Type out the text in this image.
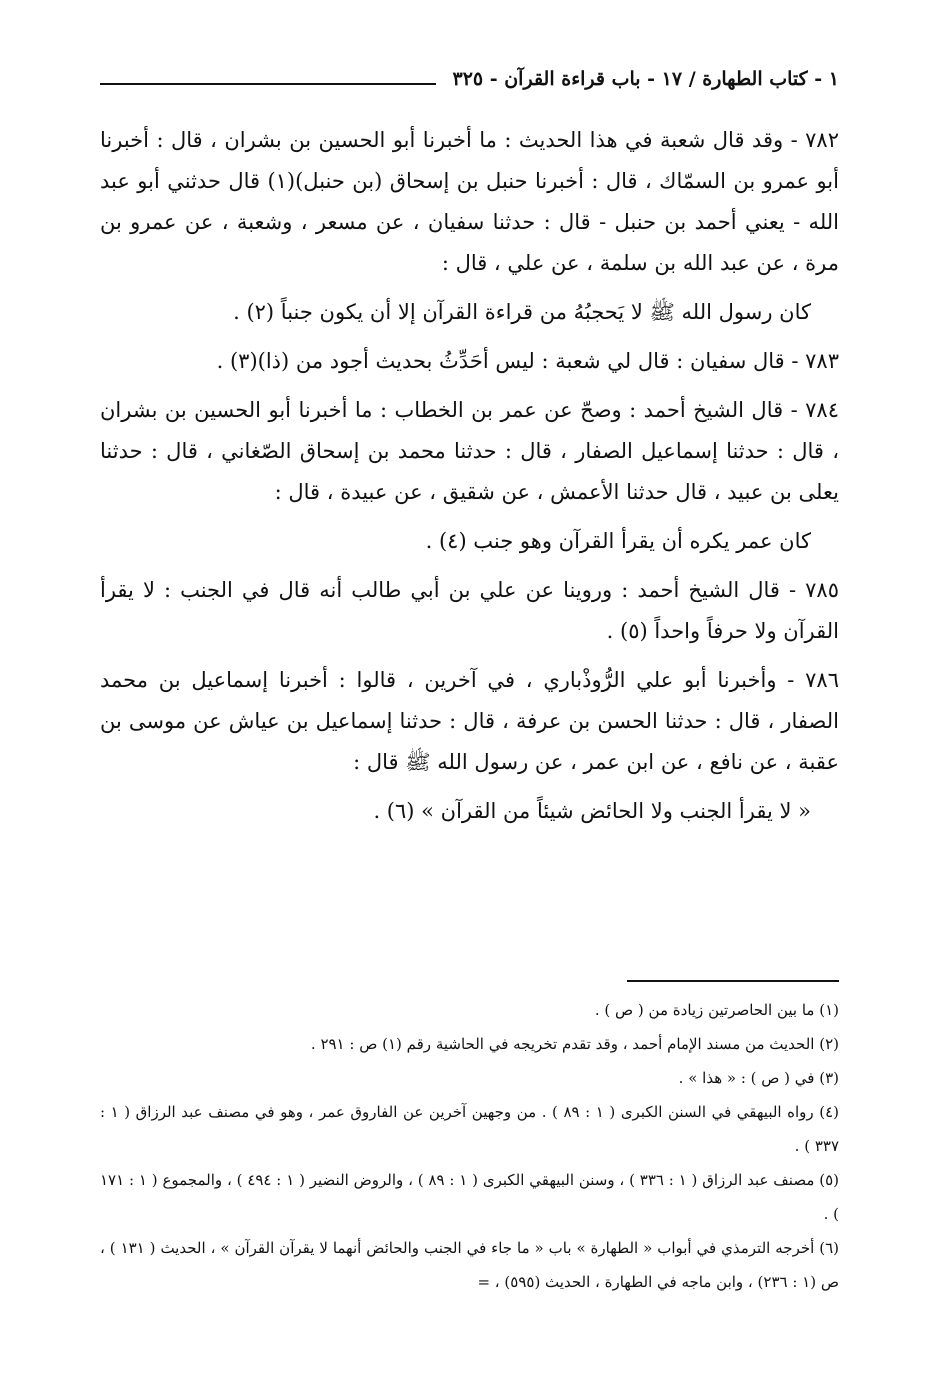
١ - كتاب الطهارة / ١٧ - باب قراءة القرآن - ٣٢٥

٧٨٢ - وقد قال شعبة في هذا الحديث : ما أخبرنا أبو الحسين بن بشران ، قال : أخبرنا أبو عمرو بن السمّاك ، قال : أخبرنا حنبل بن إسحاق (بن حنبل)(١) قال حدثني أبو عبد الله - يعني أحمد بن حنبل - قال : حدثنا سفيان ، عن مسعر ، وشعبة ، عن عمرو بن مرة ، عن عبد الله بن سلمة ، عن علي ، قال :

كان رسول الله ﷺ لا يَحجبُهُ من قراءة القرآن إلا أن يكون جنباً (٢) .

٧٨٣ - قال سفيان : قال لي شعبة : ليس أحَدِّثُ بحديث أجود من (ذا)(٣) .

٧٨٤ - قال الشيخ أحمد : وصحّ عن عمر بن الخطاب : ما أخبرنا أبو الحسين بن بشران ، قال : حدثنا إسماعيل الصفار ، قال : حدثنا محمد بن إسحاق الصّغاني ، قال : حدثنا يعلى بن عبيد ، قال حدثنا الأعمش ، عن شقيق ، عن عبيدة ، قال :

كان عمر يكره أن يقرأ القرآن وهو جنب (٤) .

٧٨٥ - قال الشيخ أحمد : وروينا عن علي بن أبي طالب أنه قال في الجنب : لا يقرأ القرآن ولا حرفاً واحداً (٥) .

٧٨٦ - وأخبرنا أبو علي الرُّوذْباري ، في آخرين ، قالوا : أخبرنا إسماعيل بن محمد الصفار ، قال : حدثنا الحسن بن عرفة ، قال : حدثنا إسماعيل بن عياش عن موسى بن عقبة ، عن نافع ، عن ابن عمر ، عن رسول الله ﷺ قال :

« لا يقرأ الجنب ولا الحائض شيئاً من القرآن » (٦) .

(١) ما بين الحاصرتين زيادة من ( ص ) .

(٢) الحديث من مسند الإمام أحمد ، وقد تقدم تخريجه في الحاشية رقم (١) ص : ٢٩١ .

(٣) في ( ص ) : « هذا » .

(٤) رواه البيهقي في السنن الكبرى ( ١ : ٨٩ ) . من وجهين آخرين عن الفاروق عمر ، وهو في مصنف عبد الرزاق ( ١ : ٣٣٧ ) .

(٥) مصنف عبد الرزاق ( ١ : ٣٣٦ ) ، وسنن البيهقي الكبرى ( ١ : ٨٩ ) ، والروض النضير ( ١ : ٤٩٤ ) ، والمجموع ( ١ : ١٧١ ) .

(٦) أخرجه الترمذي في أبواب « الطهارة » باب « ما جاء في الجنب والحائض أنهما لا يقرآن القرآن » ، الحديث ( ١٣١ ) ، ص (١ : ٢٣٦) ، وابن ماجه في الطهارة ، الحديث (٥٩٥) ، =
